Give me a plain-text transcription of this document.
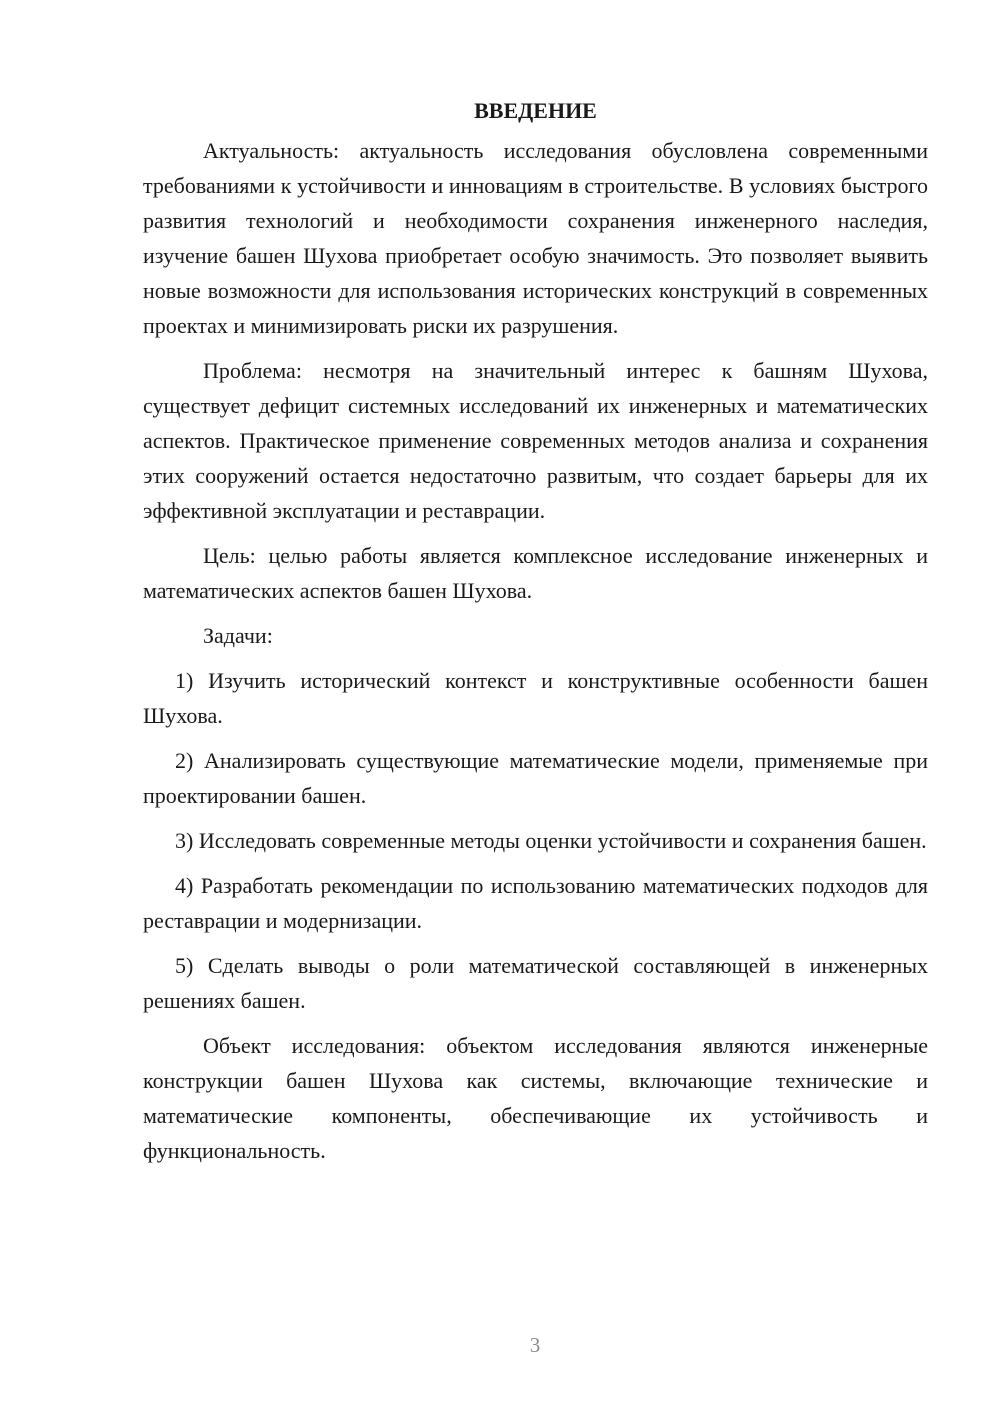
ВВЕДЕНИЕ

Актуальность: актуальность исследования обусловлена современными требованиями к устойчивости и инновациям в строительстве. В условиях быстрого развития технологий и необходимости сохранения инженерного наследия, изучение башен Шухова приобретает особую значимость. Это позволяет выявить новые возможности для использования исторических конструкций в современных проектах и минимизировать риски их разрушения.

Проблема: несмотря на значительный интерес к башням Шухова, существует дефицит системных исследований их инженерных и математических аспектов. Практическое применение современных методов анализа и сохранения этих сооружений остается недостаточно развитым, что создает барьеры для их эффективной эксплуатации и реставрации.

Цель: целью работы является комплексное исследование инженерных и математических аспектов башен Шухова.

Задачи:

1) Изучить исторический контекст и конструктивные особенности башен Шухова.

2) Анализировать существующие математические модели, применяемые при проектировании башен.

3) Исследовать современные методы оценки устойчивости и сохранения башен.

4) Разработать рекомендации по использованию математических подходов для реставрации и модернизации.

5) Сделать выводы о роли математической составляющей в инженерных решениях башен.

Объект исследования: объектом исследования являются инженерные конструкции башен Шухова как системы, включающие технические и математические компоненты, обеспечивающие их устойчивость и функциональность.

3
